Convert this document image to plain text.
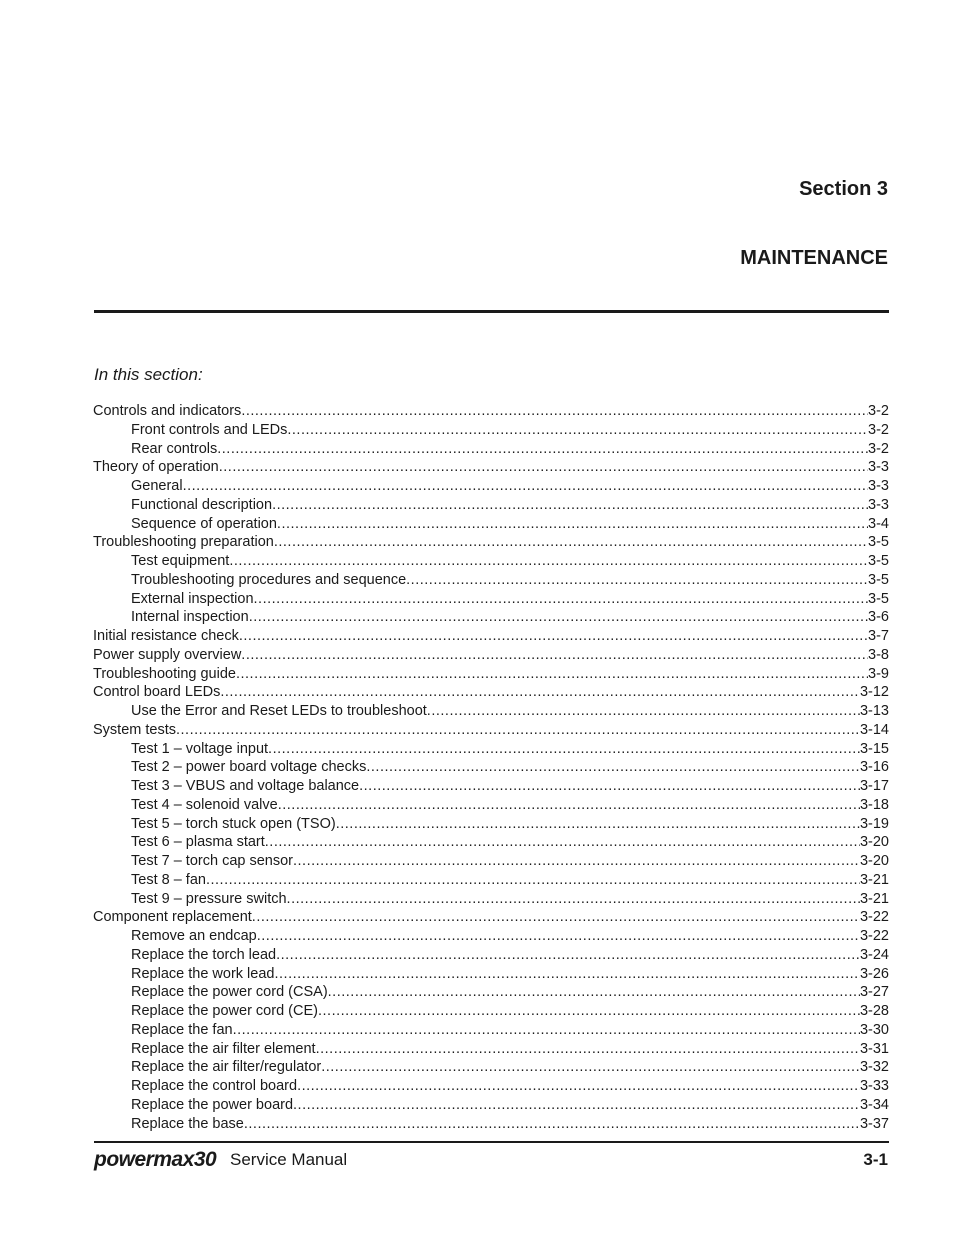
Section 3
MAINTENANCE
In this section:
Controls and indicators .....	3-2
Front controls and LEDs .....	3-2
Rear controls .....	3-2
Theory of operation .....	3-3
General .....	3-3
Functional description .....	3-3
Sequence of operation .....	3-4
Troubleshooting preparation .....	3-5
Test equipment .....	3-5
Troubleshooting procedures and sequence .....	3-5
External inspection .....	3-5
Internal inspection .....	3-6
Initial resistance check .....	3-7
Power supply overview .....	3-8
Troubleshooting guide .....	3-9
Control board LEDs .....	3-12
Use the Error and Reset LEDs to troubleshoot .....	3-13
System tests .....	3-14
Test 1 – voltage input .....	3-15
Test 2 – power board voltage checks .....	3-16
Test 3 – VBUS and voltage balance .....	3-17
Test 4 – solenoid valve .....	3-18
Test 5 – torch stuck open (TSO) .....	3-19
Test 6 – plasma start .....	3-20
Test 7 – torch cap sensor .....	3-20
Test 8 – fan .....	3-21
Test 9 – pressure switch .....	3-21
Component replacement .....	3-22
Remove an endcap .....	3-22
Replace the torch lead .....	3-24
Replace the work lead .....	3-26
Replace the power cord (CSA) .....	3-27
Replace the power cord (CE) .....	3-28
Replace the fan .....	3-30
Replace the air filter element .....	3-31
Replace the air filter/regulator .....	3-32
Replace the control board .....	3-33
Replace the power board .....	3-34
Replace the base .....	3-37
powermax30 Service Manual	3-1
